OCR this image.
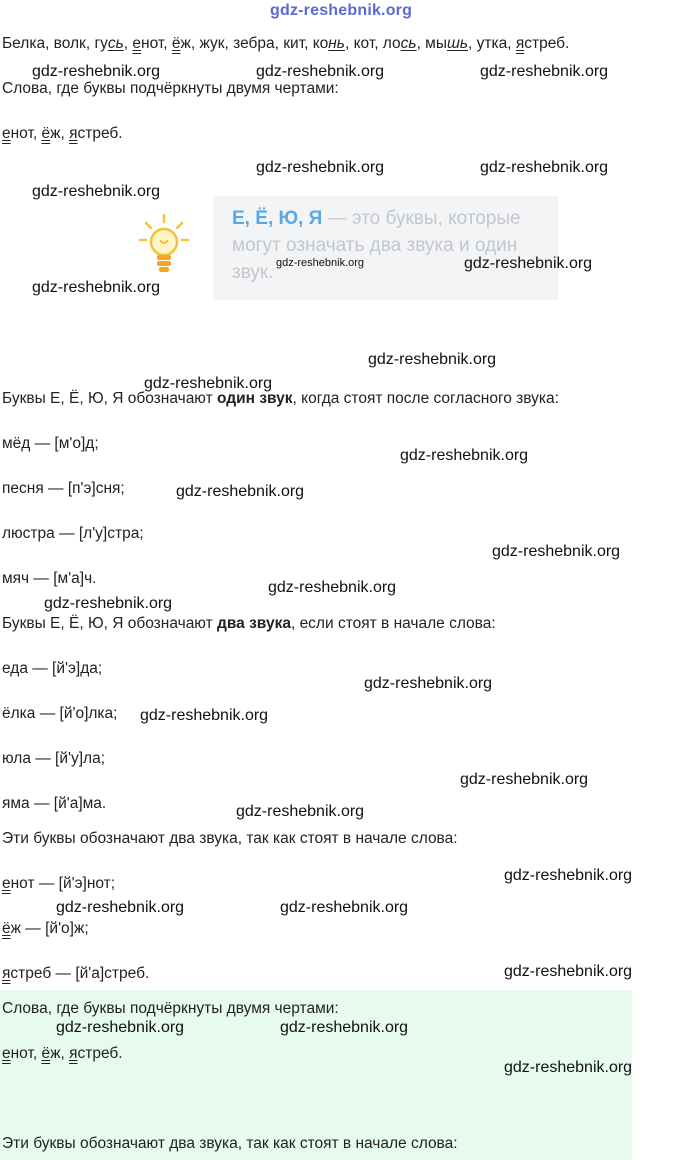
gdz-reshebnik.org
Белка, волк, гусь, енот, ёж, жук, зебра, кит, конь, кот, лось, мышь, утка, ястреб.
Слова, где буквы подчёркнуты двумя чертами:
енот, ёж, ястреб.
Е, Ё, Ю, Я — это буквы, которые могут означать два звука и один звук. gdz-reshebnik.org
Буквы Е, Ё, Ю, Я обозначают один звук, когда стоят после согласного звука:
мёд — [м'о]д;
песня — [п'э]сня;
люстра — [л'у]стра;
мяч — [м'а]ч.
Буквы Е, Ё, Ю, Я обозначают два звука, если стоят в начале слова:
еда — [й'э]да;
ёлка — [й'о]лка;
юла — [й'у]ла;
яма — [й'а]ма.
Эти буквы обозначают два звука, так как стоят в начале слова:
енот — [й'э]нот;
ёж — [й'о]ж;
ястреб — [й'а]стреб.
Слова, где буквы подчёркнуты двумя чертами:
енот, ёж, ястреб.
Эти буквы обозначают два звука, так как стоят в начале слова:
gdz-reshebnik.org	gdz-reshebnik.org	gdz-reshebnik.org
gdz-reshebnik.org	gdz-reshebnik.org
gdz-reshebnik.org
gdz-reshebnik.org
gdz-reshebnik.org
gdz-reshebnik.org
gdz-reshebnik.org
gdz-reshebnik.org
gdz-reshebnik.org
gdz-reshebnik.org
gdz-reshebnik.org
gdz-reshebnik.org
gdz-reshebnik.org
gdz-reshebnik.org
gdz-reshebnik.org
gdz-reshebnik.org
gdz-reshebnik.org
gdz-reshebnik.org	gdz-reshebnik.org
gdz-reshebnik.org
gdz-reshebnik.org	gdz-reshebnik.org
gdz-reshebnik.org
